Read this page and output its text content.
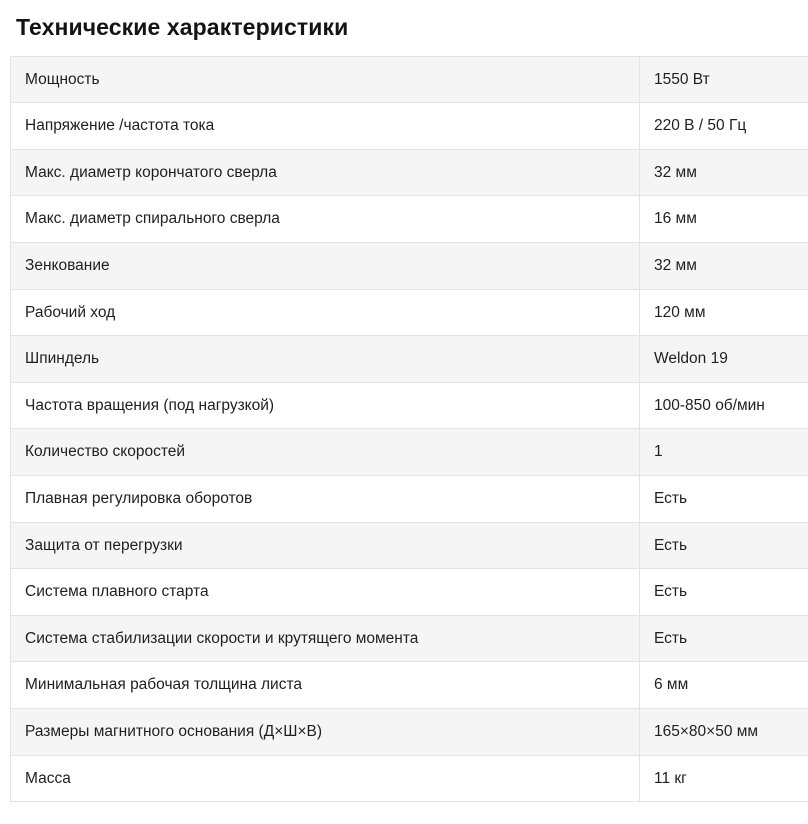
Технические характеристики
Мощность	1550 Вт
Напряжение /частота тока	220 В / 50 Гц
Макс. диаметр корончатого сверла	32 мм
Макс. диаметр спирального сверла	16 мм
Зенкование	32 мм
Рабочий ход	120 мм
Шпиндель	Weldon 19
Частота вращения (под нагрузкой)	100-850 об/мин
Количество скоростей	1
Плавная регулировка оборотов	Есть
Защита от перегрузки	Есть
Система плавного старта	Есть
Система стабилизации скорости и крутящего момента	Есть
Минимальная рабочая толщина листа	6 мм
Размеры магнитного основания (Д×Ш×В)	165×80×50 мм
Масса	11 кг
